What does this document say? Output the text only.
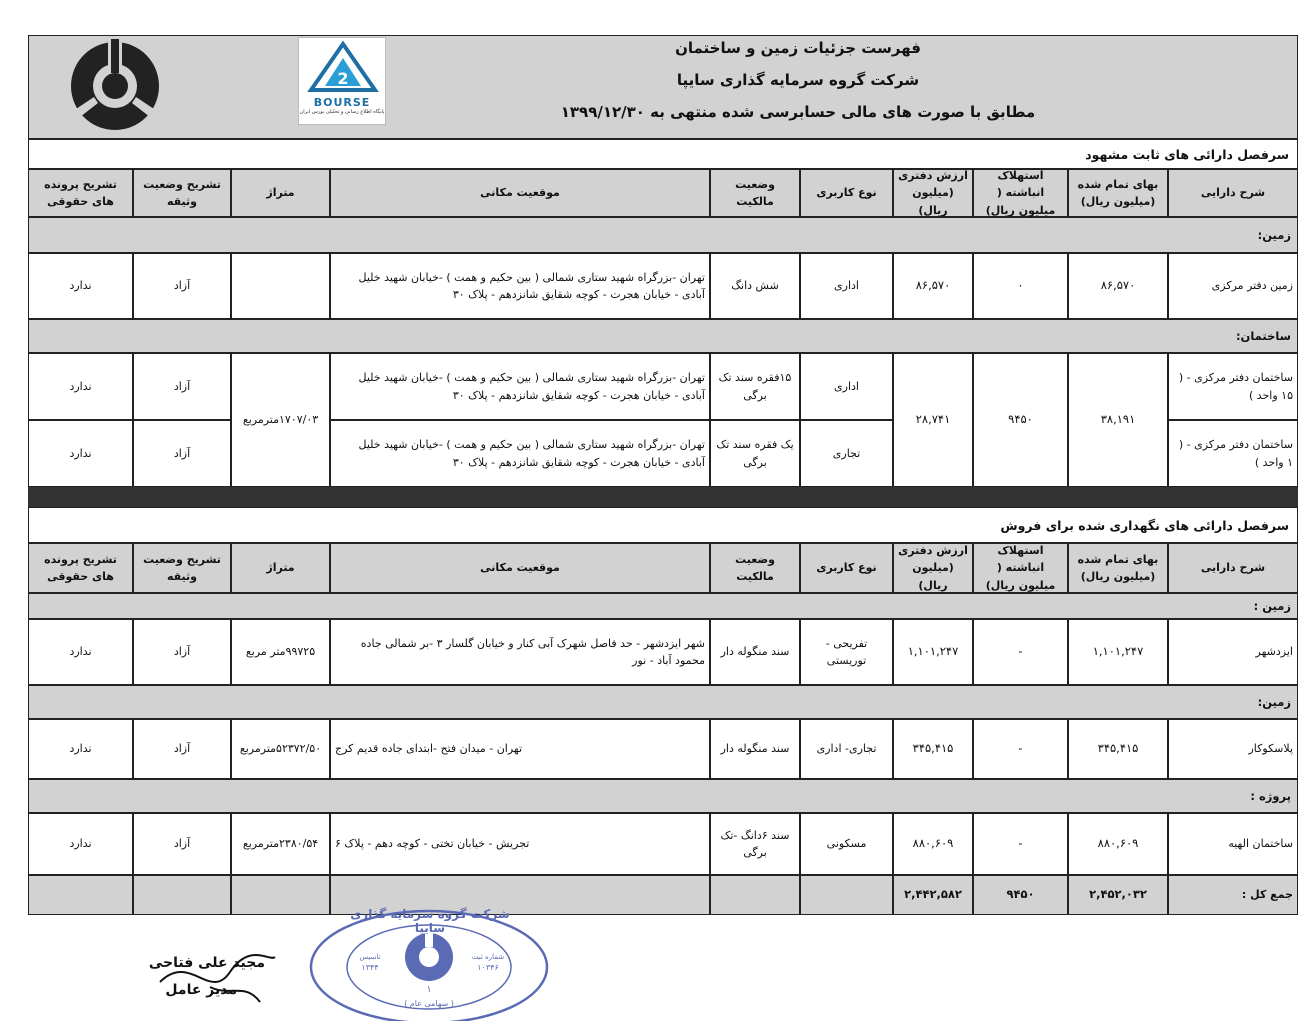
2
BOURSE
پایگاه اطلاع رسانی و تحلیلی بورس ایران
فهرست جزئیات زمین و ساختمان
شرکت گروه سرمایه گذاری سایپا
مطابق با صورت های مالی حسابرسی شده منتهی به ۱۳۹۹/۱۲/۳۰
سرفصل دارائی های ثابت مشهود
شرح دارایی
بهای تمام شده (میلیون ریال)
استهلاک انباشته ( میلیون ریال)
ارزش دفتری (میلیون ریال)
نوع کاربری
وضعیت مالکیت
موقعیت مکانی
متراژ
تشریح وضعیت وثیقه
تشریح پرونده های حقوقی
زمین:
زمین دفتر مرکزی
۸۶,۵۷۰
۰
۸۶,۵۷۰
اداری
شش دانگ
تهران -بزرگراه شهید ستاری شمالی ( بین حکیم و همت ) -خیابان شهید خلیل آبادی - خیابان هجرت - کوچه شقایق شانزدهم - پلاک ۳۰
آزاد
ندارد
ساختمان:
۳۸,۱۹۱
۹۴۵۰
۲۸,۷۴۱
۱۷۰۷/۰۳مترمربع
ساختمان دفتر مرکزی - ( ۱۵ واحد )
اداری
۱۵فقره سند تک برگی
تهران -بزرگراه شهید ستاری شمالی ( بین حکیم و همت ) -خیابان شهید خلیل آبادی - خیابان هجرت - کوچه شقایق شانزدهم - پلاک ۳۰
آزاد
ندارد
ساختمان دفتر مرکزی - ( ۱ واحد )
تجاری
یک فقره سند تک برگی
تهران -بزرگراه شهید ستاری شمالی ( بین حکیم و همت ) -خیابان شهید خلیل آبادی - خیابان هجرت - کوچه شقایق شانزدهم - پلاک ۳۰
آزاد
ندارد
سرفصل دارائی های نگهداری شده برای فروش
شرح دارایی
بهای تمام شده (میلیون ریال)
استهلاک انباشته ( میلیون ریال)
ارزش دفتری (میلیون ریال)
نوع کاربری
وضعیت مالکیت
موقعیت مکانی
متراژ
تشریح وضعیت وثیقه
تشریح پرونده های حقوقی
زمین :
ایزدشهر
۱,۱۰۱,۲۴۷
-
۱,۱۰۱,۲۴۷
تفریحی - توریستی
سند منگوله دار
شهر ایزدشهر - حد فاصل شهرک آبی کنار و خیابان گلسار ۳ -بر شمالی جاده محمود آباد - نور
۹۹۷۲۵متر مربع
آزاد
ندارد
زمین:
پلاسکوکار
۳۴۵,۴۱۵
-
۳۴۵,۴۱۵
تجاری- اداری
سند منگوله دار
تهران - میدان فتح -ابتدای جاده قدیم کرج
۵۲۳۷۲/۵۰مترمربع
آزاد
ندارد
پروژه :
ساختمان الهیه
۸۸۰,۶۰۹
-
۸۸۰,۶۰۹
مسکونی
سند ۶دانگ -تک برگی
تجریش - خیابان تختی - کوچه دهم - پلاک ۶
۲۳۸۰/۵۴مترمربع
آزاد
ندارد
جمع کل :
۲,۴۵۲,۰۳۲
۹۴۵۰
۲,۴۴۲,۵۸۲
مجید علی فتاحی
مدیر عامل
شرکت گروه سرمایه گذاری سایپا
شماره ثبت
۱۰۳۴۶
تاسیس
۱۳۴۴
۱
( سهامی عام )
